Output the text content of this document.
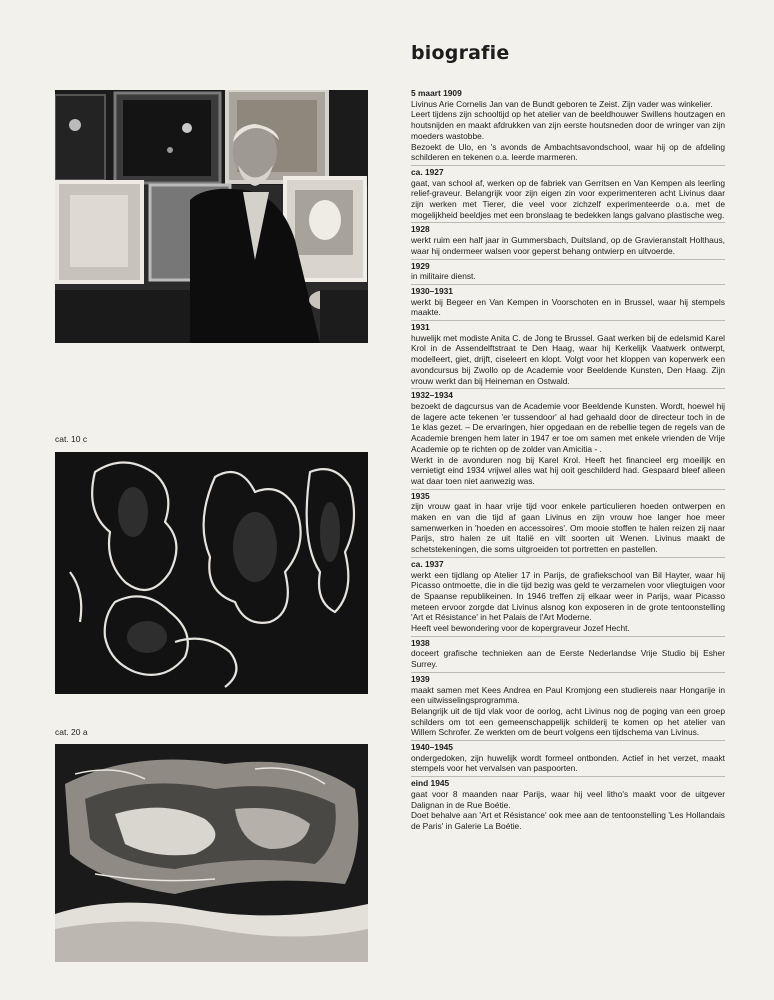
cat. 10 c
cat. 20 a
biografie
5 maart 1909

Livinus Arie Cornelis Jan van de Bundt geboren te Zeist. Zijn vader was winkelier.

Leert tijdens zijn schooltijd op het atelier van de beeldhouwer Swillens houtzagen en houtsnijden en maakt afdrukken van zijn eerste houtsneden door de wringer van zijn moeders wastobbe.

Bezoekt de Ulo, en 's avonds de Ambachtsavondschool, waar hij op de afdeling schilderen en tekenen o.a. leerde marmeren.

ca. 1927

gaat, van school af, werken op de fabriek van Gerritsen en Van Kempen als leerling relief-graveur. Belangrijk voor zijn eigen zin voor experimenteren acht Livinus daar zijn werken met Tierer, die veel voor zichzelf experimenteerde o.a. met de mogelijkheid beeldjes met een bronslaag te bedekken langs galvano plastische weg.

1928

werkt ruim een half jaar in Gummersbach, Duitsland, op de Gravieranstalt Holthaus, waar hij ondermeer walsen voor geperst behang ontwierp en uitvoerde.

1929

in militaire dienst.

1930–1931

werkt bij Begeer en Van Kempen in Voorschoten en in Brussel, waar hij stempels maakte.

1931

huwelijk met modiste Anita C. de Jong te Brussel. Gaat werken bij de edelsmid Karel Krol in de Assendelftstraat te Den Haag, waar hij Kerkelijk Vaatwerk ontwerpt, modelleert, giet, drijft, ciseleert en klopt. Volgt voor het kloppen van koperwerk een avondcursus bij Zwollo op de Academie voor Beeldende Kunsten, Den Haag. Zijn vrouw werkt dan bij Heineman en Ostwald.

1932–1934

bezoekt de dagcursus van de Academie voor Beeldende Kunsten. Wordt, hoewel hij de lagere acte tekenen 'er tussendoor' al had gehaald door de directeur toch in de 1e klas gezet. – De ervaringen, hier opgedaan en de rebellie tegen de regels van de Academie brengen hem later in 1947 er toe om samen met enkele vrienden de Vrije Academie op te richten op de zolder van Amicitia - .

Werkt in de avonduren nog bij Karel Krol. Heeft het financieel erg moeilijk en vernietigt eind 1934 vrijwel alles wat hij ooit geschilderd had. Gespaard bleef alleen wat daar toen niet aanwezig was.

1935

zijn vrouw gaat in haar vrije tijd voor enkele particulieren hoeden ontwerpen en maken en van die tijd af gaan Livinus en zijn vrouw hoe langer hoe meer samenwerken in 'hoeden en accessoires'. Om mooie stoffen te halen reizen zij naar Parijs, stro halen ze uit Italië en vilt soorten uit Wenen. Livinus maakt de schetstekeningen, die soms uitgroeiden tot portretten en pastellen.

ca. 1937

werkt een tijdlang op Atelier 17 in Parijs, de grafiekschool van Bil Hayter, waar hij Picasso ontmoette, die in die tijd bezig was geld te verzamelen voor vliegtuigen voor de Spaanse republikeinen. In 1946 treffen zij elkaar weer in Parijs, waar Picasso meteen ervoor zorgde dat Livinus alsnog kon exposeren in de grote tentoonstelling 'Art et Résistance' in het Palais de l'Art Moderne.

Heeft veel bewondering voor de kopergraveur Jozef Hecht.

1938

doceert grafische technieken aan de Eerste Nederlandse Vrije Studio bij Esher Surrey.

1939

maakt samen met Kees Andrea en Paul Kromjong een studiereis naar Hongarije in een uitwisselingsprogramma.

Belangrijk uit de tijd vlak voor de oorlog, acht Livinus nog de poging van een groep schilders om tot een gemeenschappelijk schilderij te komen op het atelier van Willem Schrofer. Ze werkten om de beurt volgens een tijdschema van Livinus.

1940–1945

ondergedoken, zijn huwelijk wordt formeel ontbonden. Actief in het verzet, maakt stempels voor het vervalsen van paspoorten.

eind 1945

gaat voor 8 maanden naar Parijs, waar hij veel litho's maakt voor de uitgever Dalignan in de Rue Boétie.

Doet behalve aan 'Art et Résistance' ook mee aan de tentoonstelling 'Les Hollandais de Paris' in Galerie La Boétie.
